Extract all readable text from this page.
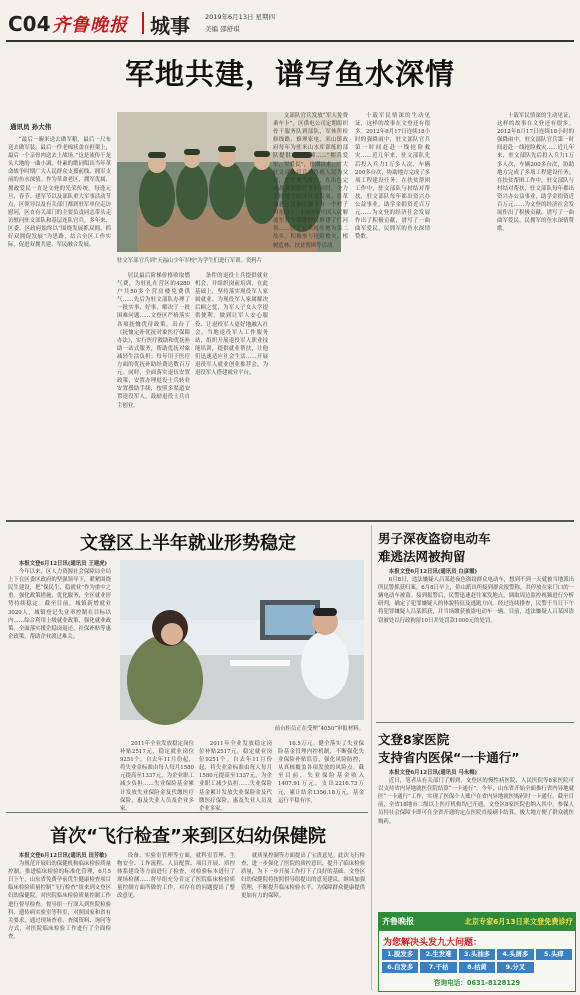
C04 齐鲁晚报 城事 2019年6月13日 星期四
美编 邵舒琪
军地共建，谱写鱼水深情
通讯员 孙大伟

“最后一碗米送去做军粮，最后一尺布送去做军装，最后一件老棉袄盖在担架上，最后一个亲骨肉送去上战场。”这是流传于龙头大地的一曲小调，朴素的歌词唱出当年革命战争时期广大人民群众支援前线、拥军支前的鱼水深情。作为革命老区，拥军优属、拥政爱民一直是文登的光荣传统。每逢元旦、春节、建军节以及部队重大军事活动节点，区领导以及有关部门都到驻军单位走访慰问，区直有关部门的主要负责同志带头走访慰问驻文部队和基层连队官兵。多年来，区委、区政府始终以“围绕发展抓双拥、抓好双拥促发展”为思路，结合全区工作实际，促进双拥共建、军民融合发展。

驻文军部官兵到"天福山少年军校"为学生们进行军训。资料片

居民最后阶梯价格收取燃气费，为驻扎在营区的4280户共50多个营房楼免费供气……先后为驻文部队办理了一批实事、好事，解决了一批困难问题……文登区严格落实各项抚恤优待政策，出台了《抚恤定补优抚对象医疗保障办法》，实行医疗救助和优抚补助一站式服务，帮助优抚对象减轻生活负担；每年用于医疗方面的优抚补助经费达数百万元。同时，全面落实退伍安置政策，安置办理退役士兵转业安置援助手续，按照多渠道安置退役军人，鼓励退役士兵自主创业。

条件的退役士兵提供就业机会，并组织岗前培训，在此基础上，坚持落实现役军人家属就业、为现役军人家属解决后顾之忧、为军人子女入学提供便利，做到让军人安心服役、让退役军人更好地融入社会。当地退役军人工作服务站，组织开展退役军人职业技能培训，提供就业帮扶，让他们迅速适应社会生活……开展退役军人就业创业推荐会，为退役军人搭建就业平台。

文部队官兵发放“军人免费乘车卡”，区供电公司定期组织骨干服务队到部队、军休所检修线路、修理家电，米山镇政府每年为驻米山水库训练的部队提供后勤保障……“拥兵爱军、军爱民”，长期以来，广大驻文部队官兵始终视人民为父母，把驻地当故乡，在出色完成战备训练任务的同时，全力支持地方经济社会发展。在革命老区昆嵛山脚下有一个村子叫东泊子，1965年中国人民解放军驻军帮助村民修建了拦河坝……驻军官兵视驻地为第二故乡，积极参与抢险救灾、植树造林、扶贫帮困等活动。

十载军民情深的生动见证，这样的故事在文登还有很多。2012年8月17日连续18小时的强降雨中，驻文部队官兵第一时间赶赴一线抢险救灾……近几年来，驻文部队先后投入兵力1万多人次，车辆200多台次，协助地方完成了多项工程建设任务；在扶贫帮困工作中，驻文部队与村结对帮扶，驻文部队每年都出资兴办公益事业，助学金捐资近百万元……为文登的经济社会发展作出了积极贡献，谱写了一曲曲军爱民、民拥军的鱼水深情赞歌。

十载军民情深的生动见证，这样的故事在文登还有很多。2012年8月17日连续18小时的强降雨中，驻文部队官兵第一时间赶赴一线抢险救灾……近几年来，驻文部队先后投入兵力1万多人次，车辆200多台次，协助地方完成了多项工程建设任务；在扶贫帮困工作中，驻文部队与村结对帮扶，驻文部队每年都出资兴办公益事业，助学金捐资近百万元……为文登的经济社会发展作出了积极贡献，谱写了一曲曲军爱民、民拥军的鱼水深情赞歌。

文登区上半年就业形势稳定

本报文登6月12日讯(通讯员 王建虎)

今年以来，区人力资源社会保障局全局上下在区委区政府的坚强领导下，紧紧围绕民生建设，把“保民生、稳就业”作为重中之重，强化政策措施，优化服务，全区就业形势持续稳定。截至目前，城镇新增就业3020人，城镇登记失业率控制在目标以内……综合利用上级就业政策，强化就业政策，全面落实援企稳岗返还、社保补贴等惠企政策，帮助企业渡过难关。

前台柜员正在受理“4050”审报材料。

2011年全业发放稳定岗位补贴2517元，稳定就业岗位9251个。自去年11月份起，将失业金标准由每人每月1580元提高至1337元，为企业职工减少负担……失业保险基金累计发放失业保险金及代缴医疗保险，惠及失业人员及企业多家。

2011年全业发放稳定岗位补贴2517元，稳定就业岗位9251个。自去年11月份起，将失业金标准由每人每月1580元提高至1337元，为企业职工减少负担……失业保险基金累计发放失业保险金及代缴医疗保险，惠及失业人员及企业多家。

16.5万元。健全落实了失业保险基金管理内控机制，不断强化失业保险补贴监管，强化风险防控，从真核覆盖各项发放的风险点。截至目前，失业保险基金收入1407.91万元，支出2216.73万元，累计结余1356.18万元，基金运行平稳有序。

首次“飞行检查”来到区妇幼保健院

本报文登6月12日讯(通讯员 田芳敏)

为规范开展妇幼保健机构临床检验质量控制，推进临床检验的标准化管理，6月5日下午，山东省免费孕前优生健康检查项目临床检验质量控制“飞行检查”组来到文登区妇幼保健院，对医院临床检验质量控制工作进行督导检查。督导组一行深入到医院检验科、遗传病实验室等科室，对照国家和省有关要求，通过现场查看、查阅资料、询问等方式，对医院临床检验工作进行了全面检查。

设备、实验室管理等方面，就科室管理、生物安全、工作流程、人员配置、项目开展、质控体系建设等方面进行了检查，对检验标本进行了现场检测……督导组充分肯定了医院临床检验质量控制方面所做的工作，对存在的问题提出了整改意见。

就质量控制等方面提出了宝贵意见。此次飞行检查，进一步强化了医院的质控意识，提升了临床检验质量，为下一步开展工作打下了良好的基础。文登区妇幼保健院将按照督导组提出的意见建议，继续加强管理，不断提升临床检验水平，为保障群众健康提供更加有力的保障。

男子深夜盗窃电动车
难逃法网被拘留

本报文登6月12日讯(通讯员 白彦霞)

6月8日，违法嫌疑人吕某趁夜色盗窃群众电动车，想到不到一天就被当地派出所民警抓获归案。6月8日早上，侨山派出所接到群众报警称，其停放在家门口的一辆电动车被盗。接到报警后，民警迅速赶往案发地点，调取周边监控视频进行分析研判，确定了犯罪嫌疑人的体貌特征及逃跑方向。经过连续排查，民警于当日下午将犯罪嫌疑人吕某抓获，并当场缴获被盗电动车一辆。目前，违法嫌疑人吕某因盗窃被处以行政拘留10日并处罚款1000元的处罚。

文登8家医院
支持省内医保“一卡通行”

本报文登6月12日讯(通讯员 马永梅)

近日，笔者从有关部门了解到，文登区的慢性病医院、人民医院等8家医院可以支持省内异地就医住院结算“一卡通行”。今年，山东省开始全面推行省内异地就医“一卡通行”工作，实现了医保个人账户在省内异地就医购药时一卡通行。截至目前，全省18地市二级以上医疗机构均已开通，文登区8家医院也纳入其中。参保人员持社会保障卡即可在全省开通的定点医院直接刷卡结算，极大地方便了群众就医购药。

齐鲁晚报	北京专家6月13日来文登免费诊疗
为您解决头发九大问题：
1.脱发多	2.生发难	3.头油多	4.头屑多	5.头痒
6.白发多	7.干枯	8.枯黄	9.分叉
咨询电话：0631-8128129
